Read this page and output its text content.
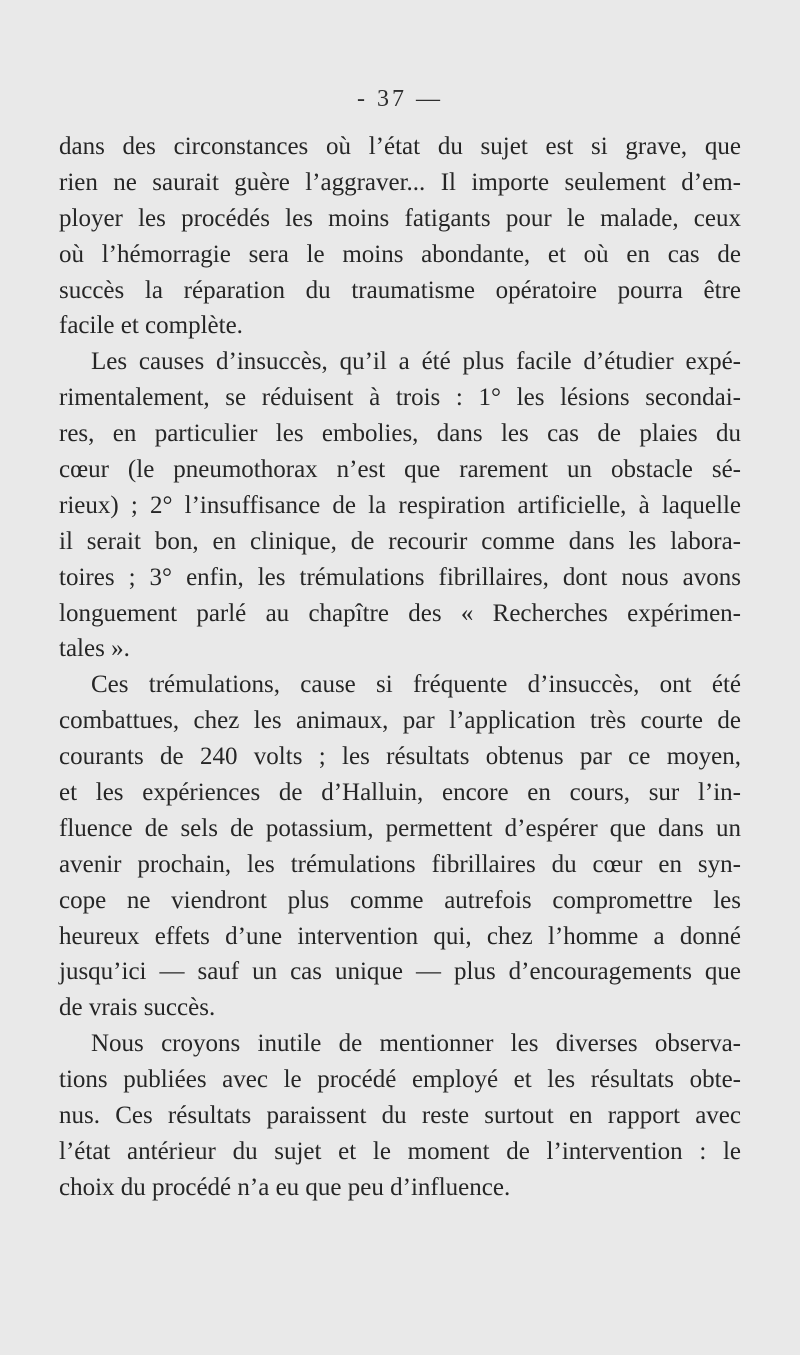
- 37 —
dans des circonstances où l’état du sujet est si grave, que
rien ne saurait guère l’aggraver... Il importe seulement d’em-
ployer les procédés les moins fatigants pour le malade, ceux
où l’hémorragie sera le moins abondante, et où en cas de
succès la réparation du traumatisme opératoire pourra être
facile et complète.
Les causes d’insuccès, qu’il a été plus facile d’étudier expé-
rimentalement, se réduisent à trois : 1° les lésions secondai-
res, en particulier les embolies, dans les cas de plaies du
cœur (le pneumothorax n’est que rarement un obstacle sé-
rieux) ; 2° l’insuffisance de la respiration artificielle, à laquelle
il serait bon, en clinique, de recourir comme dans les labora-
toires ; 3° enfin, les trémulations fibrillaires, dont nous avons
longuement parlé au chapître des « Recherches expérimen-
tales ».
Ces trémulations, cause si fréquente d’insuccès, ont été
combattues, chez les animaux, par l’application très courte de
courants de 240 volts ; les résultats obtenus par ce moyen,
et les expériences de d’Halluin, encore en cours, sur l’in-
fluence de sels de potassium, permettent d’espérer que dans un
avenir prochain, les trémulations fibrillaires du cœur en syn-
cope ne viendront plus comme autrefois compromettre les
heureux effets d’une intervention qui, chez l’homme a donné
jusqu’ici — sauf un cas unique — plus d’encouragements que
de vrais succès.
Nous croyons inutile de mentionner les diverses observa-
tions publiées avec le procédé employé et les résultats obte-
nus. Ces résultats paraissent du reste surtout en rapport avec
l’état antérieur du sujet et le moment de l’intervention : le
choix du procédé n’a eu que peu d’influence.
